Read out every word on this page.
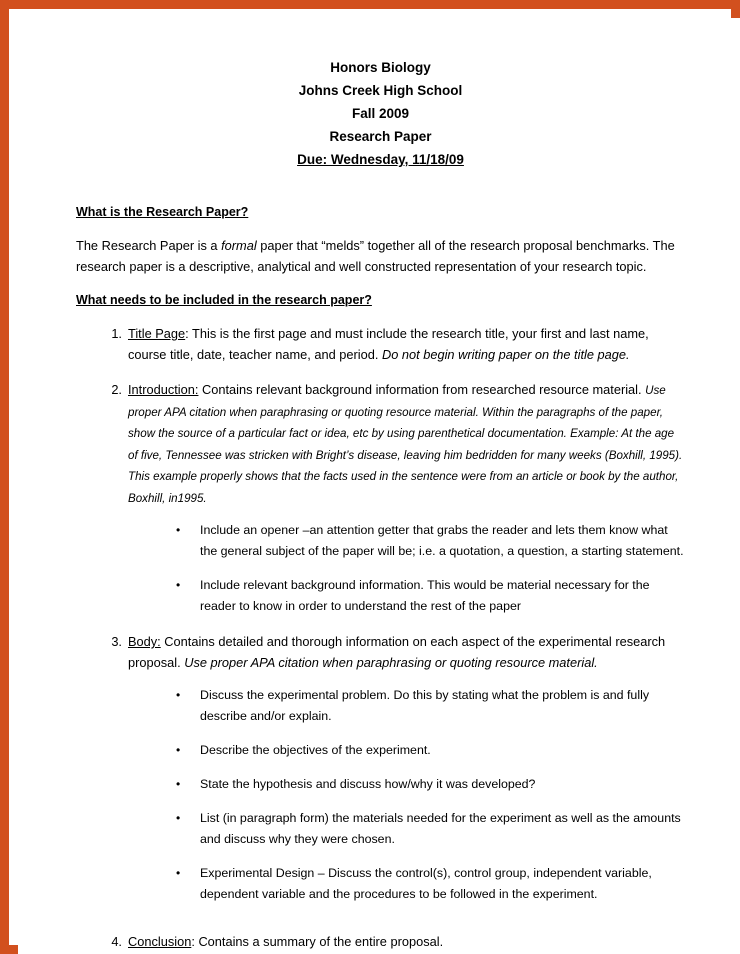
Honors Biology
Johns Creek High School
Fall 2009
Research Paper
Due: Wednesday, 11/18/09
What is the Research Paper?

The Research Paper is a formal paper that “melds” together all of the research proposal benchmarks. The research paper is a descriptive, analytical and well constructed representation of your research topic.

What needs to be included in the research paper?
1. Title Page: This is the first page and must include the research title, your first and last name, course title, date, teacher name, and period. Do not begin writing paper on the title page.
2. Introduction: Contains relevant background information from researched resource material. Use proper APA citation when paraphrasing or quoting resource material. Within the paragraphs of the paper, show the source of a particular fact or idea, etc by using parenthetical documentation. Example: At the age of five, Tennessee was stricken with Bright’s disease, leaving him bedridden for many weeks (Boxhill, 1995). This example properly shows that the facts used in the sentence were from an article or book by the author, Boxhill, in1995.
• Include an opener –an attention getter that grabs the reader and lets them know what the general subject of the paper will be; i.e. a quotation, a question, a starting statement.
• Include relevant background information. This would be material necessary for the reader to know in order to understand the rest of the paper
3. Body: Contains detailed and thorough information on each aspect of the experimental research proposal. Use proper APA citation when paraphrasing or quoting resource material.
• Discuss the experimental problem. Do this by stating what the problem is and fully describe and/or explain.
• Describe the objectives of the experiment.
• State the hypothesis and discuss how/why it was developed?
• List (in paragraph form) the materials needed for the experiment as well as the amounts and discuss why they were chosen.
• Experimental Design – Discuss the control(s), control group, independent variable, dependent variable and the procedures to be followed in the experiment.
4. Conclusion: Contains a summary of the entire proposal.
